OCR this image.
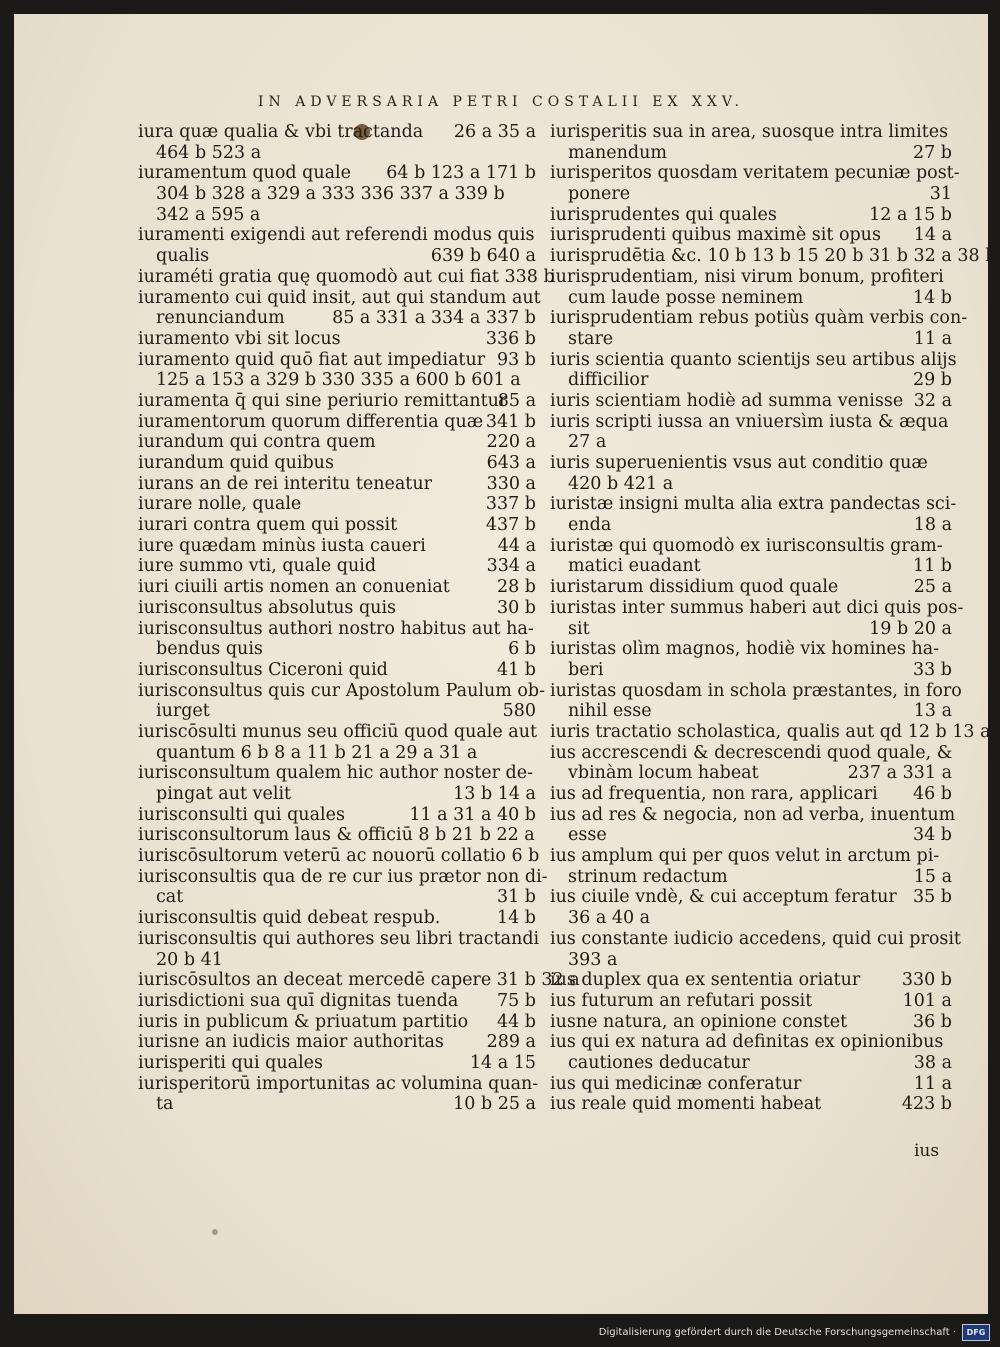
IN ADVERSARIA PETRI COSTALII EX XXV.
iura quæ qualia & vbi tractanda 26 a 35 a
464 b 523 a
iuramentum quod quale 64 b 123 a 171 b
304 b 328 a 329 a 333 336 337 a 339 b
342 a 595 a
iuramenti exigendi aut referendi modus quis
qualis	639 b 640 a
iuraméti gratia quę quomodò aut cui fiat 338 b
iuramento cui quid insit, aut qui standum aut
renunciandum	85 a 331 a 334 a 337 b
iuramento vbi sit locus	336 b
iuramento quid quō fiat aut impediatur 93 b
125 a 153 a 329 b 330 335 a 600 b 601 a
iuramenta q̄ qui sine periurio remittantur
85 a
iuramentorum quorum differentia quæ 341 b
iurandum qui contra quem	220 a
iurandum quid quibus	643 a
iurans an de rei interitu teneatur	330 a
iurare nolle, quale	337 b
iurari contra quem qui possit	437 b
iure quædam minùs iusta caueri	44 a
iure summo vti, quale quid	334 a
iuri ciuili artis nomen an conueniat	28 b
iurisconsultus absolutus quis	30 b
iurisconsultus authori nostro habitus aut ha-
bendus quis	6 b
iurisconsultus Ciceroni quid	41 b
iurisconsultus quis cur Apostolum Paulum ob-
iurget	580
iuriscōsulti munus seu officiū quod quale aut
quantum 6 b 8 a 11 b 21 a 29 a 31 a
iurisconsultum qualem hic author noster de-
pingat aut velit	13 b 14 a
iurisconsulti qui quales	11 a 31 a 40 b
iurisconsultorum laus & officiū 8 b 21 b 22 a
iuriscōsultorum veterū ac nouorū collatio 6 b
iurisconsultis qua de re cur ius prætor non di-
cat	31 b
iurisconsultis quid debeat respub.	14 b
iurisconsultis qui authores seu libri tractandi
20 b 41
iuriscōsultos an deceat mercedē capere 31 b 32 a
iurisdictioni sua quī dignitas tuenda 75 b
iuris in publicum & priuatum partitio 44 b
iurisne an iudicis maior authoritas 289 a
iurisperiti qui quales	14 a 15
iurisperitorū importunitas ac volumina quan-
ta	10 b 25 a
iurisperitis sua in area, suosque intra limites
manendum	27 b
iurisperitos quosdam veritatem pecuniæ post-
ponere	31
iurisprudentes qui quales	12 a 15 b
iurisprudenti quibus maximè sit opus 14 a
iurisprudētia &c. 10 b 13 b 15 20 b 31 b 32 a 38 b
iurisprudentiam, nisi virum bonum, profiteri
cum laude posse neminem	14 b
iurisprudentiam rebus potiùs quàm verbis con-
stare	11 a
iuris scientia quanto scientijs seu artibus alijs
difficilior	29 b
iuris scientiam hodiè ad summa venisse 32 a
iuris scripti iussa an vniuersìm iusta & æqua
27 a
iuris superuenientis vsus aut conditio quæ
420 b 421 a
iuristæ insigni multa alia extra pandectas sci-
enda	18 a
iuristæ qui quomodò ex iurisconsultis gram-
matici euadant	11 b
iuristarum dissidium quod quale	25 a
iuristas inter summus haberi aut dici quis pos-
sit	19 b 20 a
iuristas olìm magnos, hodiè vix homines ha-
beri	33 b
iuristas quosdam in schola præstantes, in foro
nihil esse	13 a
iuris tractatio scholastica, qualis aut qd 12 b 13 a
ius accrescendi & decrescendi quod quale, &
vbinàm locum habeat	237 a 331 a
ius ad frequentia, non rara, applicari 46 b
ius ad res & negocia, non ad verba, inuentum
esse	34 b
ius amplum qui per quos velut in arctum pi-
strinum redactum	15 a
ius ciuile vndè, & cui acceptum feratur 35 b
36 a 40 a
ius constante iudicio accedens, quid cui prosit
393 a
ius duplex qua ex sententia oriatur 330 b
ius futurum an refutari possit	101 a
iusne natura, an opinione constet	36 b
ius qui ex natura ad definitas ex opinionibus
cautiones deducatur	38 a
ius qui medicinæ conferatur	11 a
ius reale quid momenti habeat	423 b
ius
Digitalisierung gefördert durch die Deutsche Forschungsgemeinschaft ·	DFG
